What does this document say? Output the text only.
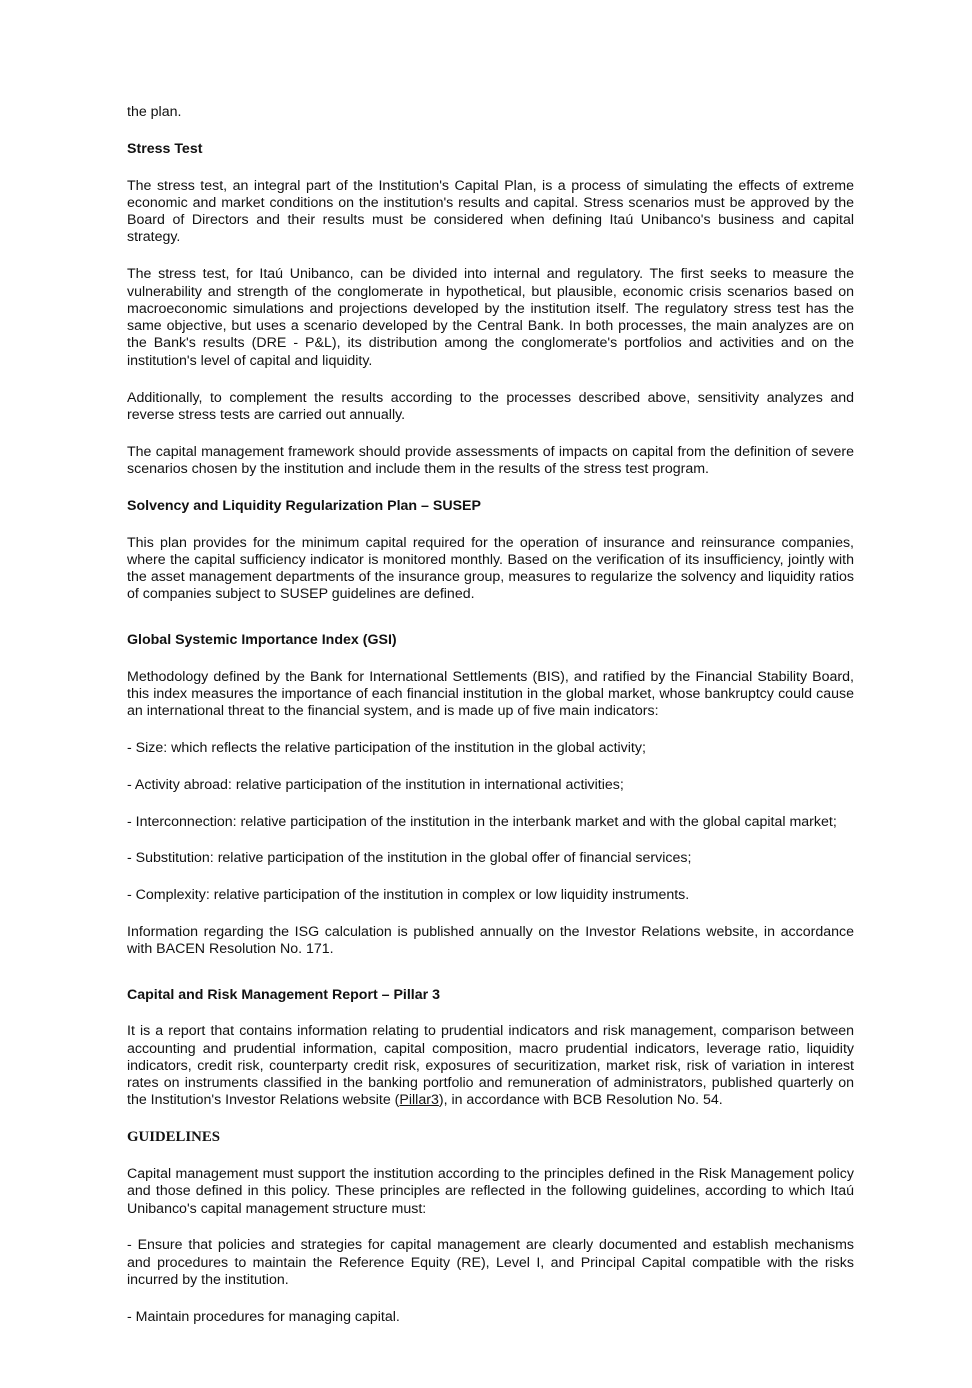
the plan.

Stress Test

The stress test, an integral part of the Institution's Capital Plan, is a process of simulating the effects of extreme economic and market conditions on the institution's results and capital. Stress scenarios must be approved by the Board of Directors and their results must be considered when defining Itaú Unibanco's business and capital strategy.

The stress test, for Itaú Unibanco, can be divided into internal and regulatory. The first seeks to measure the vulnerability and strength of the conglomerate in hypothetical, but plausible, economic crisis scenarios based on macroeconomic simulations and projections developed by the institution itself. The regulatory stress test has the same objective, but uses a scenario developed by the Central Bank. In both processes, the main analyzes are on the Bank's results (DRE - P&L), its distribution among the conglomerate's portfolios and activities and on the institution's level of capital and liquidity.

Additionally, to complement the results according to the processes described above, sensitivity analyzes and reverse stress tests are carried out annually.

The capital management framework should provide assessments of impacts on capital from the definition of severe scenarios chosen by the institution and include them in the results of the stress test program.

Solvency and Liquidity Regularization Plan – SUSEP

This plan provides for the minimum capital required for the operation of insurance and reinsurance companies, where the capital sufficiency indicator is monitored monthly. Based on the verification of its insufficiency, jointly with the asset management departments of the insurance group, measures to regularize the solvency and liquidity ratios of companies subject to SUSEP guidelines are defined.

Global Systemic Importance Index (GSI)

Methodology defined by the Bank for International Settlements (BIS), and ratified by the Financial Stability Board, this index measures the importance of each financial institution in the global market, whose bankruptcy could cause an international threat to the financial system, and is made up of five main indicators:

- Size: which reflects the relative participation of the institution in the global activity;

- Activity abroad: relative participation of the institution in international activities;

- Interconnection: relative participation of the institution in the interbank market and with the global capital market;

- Substitution: relative participation of the institution in the global offer of financial services;

- Complexity: relative participation of the institution in complex or low liquidity instruments.

Information regarding the ISG calculation is published annually on the Investor Relations website, in accordance with BACEN Resolution No. 171.

Capital and Risk Management Report – Pillar 3

It is a report that contains information relating to prudential indicators and risk management, comparison between accounting and prudential information, capital composition, macro prudential indicators, leverage ratio, liquidity indicators, credit risk, counterparty credit risk, exposures of securitization, market risk, risk of variation in interest rates on instruments classified in the banking portfolio and remuneration of administrators, published quarterly on the Institution's Investor Relations website (Pillar3), in accordance with BCB Resolution No. 54.

GUIDELINES

Capital management must support the institution according to the principles defined in the Risk Management policy and those defined in this policy. These principles are reflected in the following guidelines, according to which Itaú Unibanco's capital management structure must:

- Ensure that policies and strategies for capital management are clearly documented and establish mechanisms and procedures to maintain the Reference Equity (RE), Level I, and Principal Capital compatible with the risks incurred by the institution.

- Maintain procedures for managing capital.
